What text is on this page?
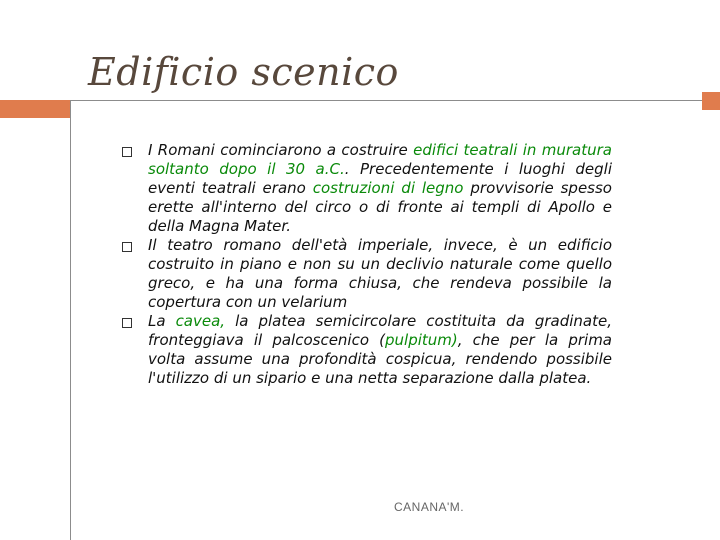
Edificio scenico
I Romani cominciarono a costruire edifici teatrali in muratura soltanto dopo il 30 a.C.. Precedentemente i luoghi degli eventi teatrali erano costruzioni di legno provvisorie spesso erette all'interno del circo o di fronte ai templi di Apollo e della Magna Mater.
Il teatro romano dell'età imperiale, invece, è un edificio costruito in piano e non su un declivio naturale come quello greco, e ha una forma chiusa, che rendeva possibile la copertura con un velarium
La cavea, la platea semicircolare costituita da gradinate, fronteggiava il palcoscenico (pulpitum), che per la prima volta assume una profondità cospicua, rendendo possibile l'utilizzo di un sipario e una netta separazione dalla platea.
CANANA'M.
